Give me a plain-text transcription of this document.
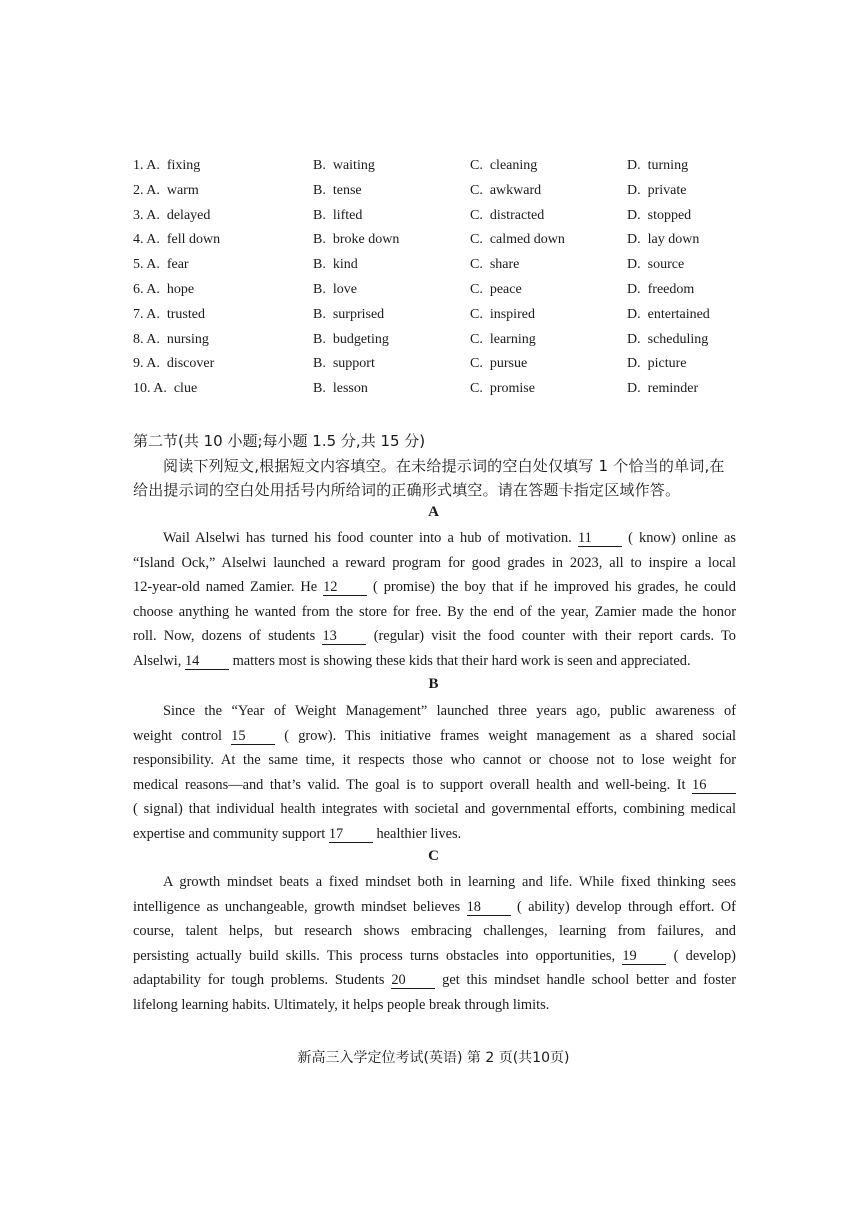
1. A. fixing	B. waiting	C. cleaning	D. turning
2. A. warm	B. tense	C. awkward	D. private
3. A. delayed	B. lifted	C. distracted	D. stopped
4. A. fell down	B. broke down	C. calmed down	D. lay down
5. A. fear	B. kind	C. share	D. source
6. A. hope	B. love	C. peace	D. freedom
7. A. trusted	B. surprised	C. inspired	D. entertained
8. A. nursing	B. budgeting	C. learning	D. scheduling
9. A. discover	B. support	C. pursue	D. picture
10. A. clue	B. lesson	C. promise	D. reminder
第二节(共 10 小题;每小题 1.5 分,共 15 分)
阅读下列短文,根据短文内容填空。在未给提示词的空白处仅填写 1 个恰当的单词,在
给出提示词的空白处用括号内所给词的正确形式填空。请在答题卡指定区域作答。
A
Wail Alselwi has turned his food counter into a hub of motivation. 11	( know) online as
“Island Ock,” Alselwi launched a reward program for good grades in 2023, all to inspire a local
12-year-old named Zamier. He 12 ( promise) the boy that if he improved his grades, he could
choose anything he wanted from the store for free. By the end of the year, Zamier made the honor
roll. Now, dozens of students 13	(regular) visit the food counter with their report cards. To
Alselwi, 14 matters most is showing these kids that their hard work is seen and appreciated.
B
Since the “Year of Weight Management” launched three years ago, public awareness of
weight control 15	( grow). This initiative frames weight management as a shared social
responsibility. At the same time, it respects those who cannot or choose not to lose weight for
medical reasons—and that’s valid. The goal is to support overall health and well-being. It 16
( signal) that individual health integrates with societal and governmental efforts, combining medical
expertise and community support 17 healthier lives.
C
A growth mindset beats a fixed mindset both in learning and life. While fixed thinking sees
intelligence as unchangeable, growth mindset believes 18 ( ability) develop through effort. Of
course, talent helps, but research shows embracing challenges, learning from failures, and
persisting actually build skills. This process turns obstacles into opportunities, 19	( develop)
adaptability for tough problems. Students 20	get this mindset handle school better and foster
lifelong learning habits. Ultimately, it helps people break through limits.
新高三入学定位考试(英语) 第 2 页(共10页)
